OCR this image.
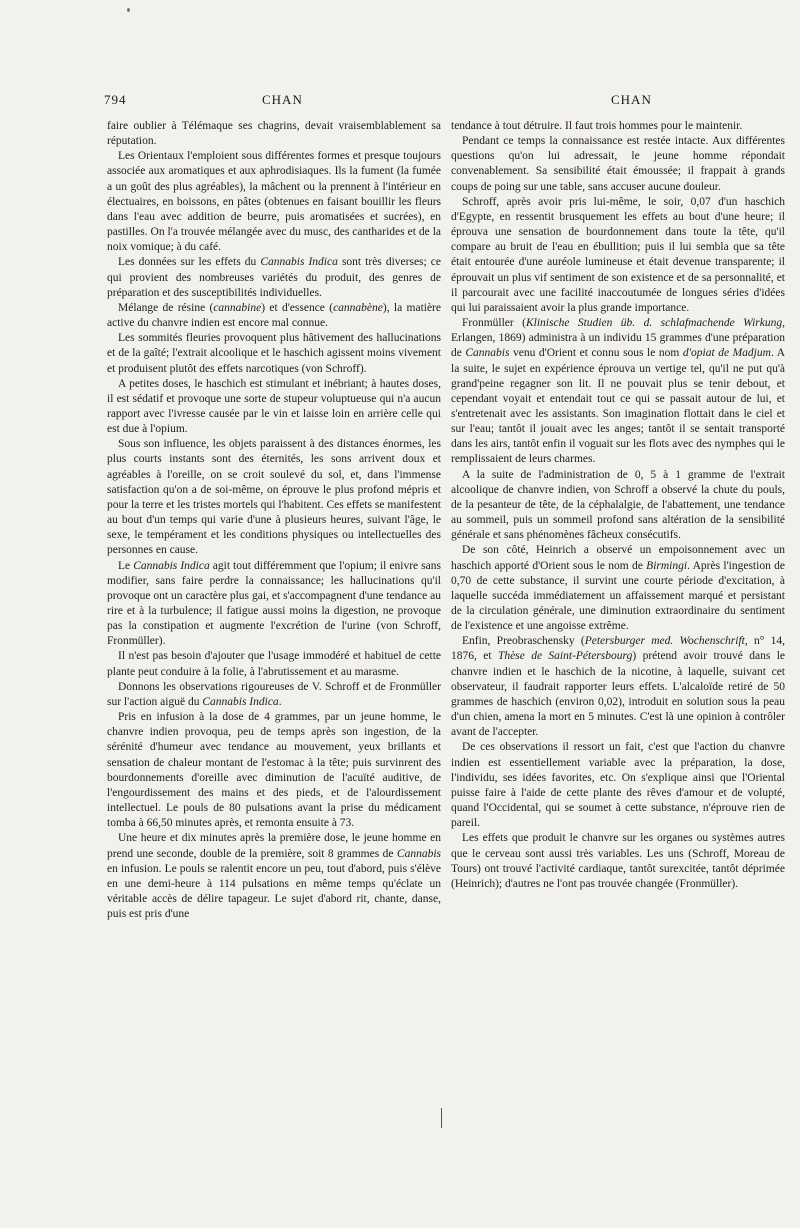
794	CHAN	CHAN

faire oublier à Télémaque ses chagrins, devait vraisemblablement sa réputation.

Les Orientaux l'emploient sous différentes formes et presque toujours associée aux aromatiques et aux aphrodisiaques. Ils la fument (la fumée a un goût des plus agréables), la mâchent ou la prennent à l'intérieur en électuaires, en boissons, en pâtes (obtenues en faisant bouillir les fleurs dans l'eau avec addition de beurre, puis aromatisées et sucrées), en pastilles. On l'a trouvée mélangée avec du musc, des cantharides et de la noix vomique; à du café.

Les données sur les effets du Cannabis Indica sont très diverses; ce qui provient des nombreuses variétés du produit, des genres de préparation et des susceptibilités individuelles.

Mélange de résine (cannabine) et d'essence (cannabène), la matière active du chanvre indien est encore mal connue.

Les sommités fleuries provoquent plus hâtivement des hallucinations et de la gaîté; l'extrait alcoolique et le haschich agissent moins vivement et produisent plutôt des effets narcotiques (von Schroff).

A petites doses, le haschich est stimulant et inébriant; à hautes doses, il est sédatif et provoque une sorte de stupeur voluptueuse qui n'a aucun rapport avec l'ivresse causée par le vin et laisse loin en arrière celle qui est due à l'opium.

Sous son influence, les objets paraissent à des distances énormes, les plus courts instants sont des éternités, les sons arrivent doux et agréables à l'oreille, on se croit soulevé du sol, et, dans l'immense satisfaction qu'on a de soi-même, on éprouve le plus profond mépris et pour la terre et les tristes mortels qui l'habitent. Ces effets se manifestent au bout d'un temps qui varie d'une à plusieurs heures, suivant l'âge, le sexe, le tempérament et les conditions physiques ou intellectuelles des personnes en cause.

Le Cannabis Indica agit tout différemment que l'opium; il enivre sans modifier, sans faire perdre la connaissance; les hallucinations qu'il provoque ont un caractère plus gai, et s'accompagnent d'une tendance au rire et à la turbulence; il fatigue aussi moins la digestion, ne provoque pas la constipation et augmente l'excrétion de l'urine (von Schroff, Fronmüller).

Il n'est pas besoin d'ajouter que l'usage immodéré et habituel de cette plante peut conduire à la folie, à l'abrutissement et au marasme.

Donnons les observations rigoureuses de V. Schroff et de Fronmüller sur l'action aiguë du Cannabis Indica.

Pris en infusion à la dose de 4 grammes, par un jeune homme, le chanvre indien provoqua, peu de temps après son ingestion, de la sérénité d'humeur avec tendance au mouvement, yeux brillants et sensation de chaleur montant de l'estomac à la tête; puis survinrent des bourdonnements d'oreille avec diminution de l'acuïté auditive, de l'engourdissement des mains et des pieds, et de l'alourdissement intellectuel. Le pouls de 80 pulsations avant la prise du médicament tomba à 66,50 minutes après, et remonta ensuite à 73.

Une heure et dix minutes après la première dose, le jeune homme en prend une seconde, double de la première, soit 8 grammes de Cannabis en infusion. Le pouls se ralentit encore un peu, tout d'abord, puis s'élève en une demi-heure à 114 pulsations en même temps qu'éclate un véritable accès de délire tapageur. Le sujet d'abord rit, chante, danse, puis est pris d'une

tendance à tout détruire. Il faut trois hommes pour le maintenir.

Pendant ce temps la connaissance est restée intacte. Aux différentes questions qu'on lui adressait, le jeune homme répondait convenablement. Sa sensibilité était émoussée; il frappait à grands coups de poing sur une table, sans accuser aucune douleur.

Schroff, après avoir pris lui-même, le soir, 0,07 d'un haschich d'Egypte, en ressentit brusquement les effets au bout d'une heure; il éprouva une sensation de bourdonnement dans toute la tête, qu'il compare au bruit de l'eau en ébullition; puis il lui sembla que sa tête était entourée d'une auréole lumineuse et était devenue transparente; il éprouvait un plus vif sentiment de son existence et de sa personnalité, et il parcourait avec une facilité inaccoutumée de longues séries d'idées qui lui paraissaient avoir la plus grande importance.

Fronmüller (Klinische Studien üb. d. schlafmachende Wirkung, Erlangen, 1869) administra à un individu 15 grammes d'une préparation de Cannabis venu d'Orient et connu sous le nom d'opiat de Madjum. A la suite, le sujet en expérience éprouva un vertige tel, qu'il ne put qu'à grand'peine regagner son lit. Il ne pouvait plus se tenir debout, et cependant voyait et entendait tout ce qui se passait autour de lui, et s'entretenait avec les assistants. Son imagination flottait dans le ciel et sur l'eau; tantôt il jouait avec les anges; tantôt il se sentait transporté dans les airs, tantôt enfin il voguait sur les flots avec des nymphes qui le remplissaient de leurs charmes.

A la suite de l'administration de 0, 5 à 1 gramme de l'extrait alcoolique de chanvre indien, von Schroff a observé la chute du pouls, de la pesanteur de tête, de la céphalalgie, de l'abattement, une tendance au sommeil, puis un sommeil profond sans altération de la sensibilité générale et sans phénomènes fâcheux consécutifs.

De son côté, Heinrich a observé un empoisonnement avec un haschich apporté d'Orient sous le nom de Birmingi. Après l'ingestion de 0,70 de cette substance, il survint une courte période d'excitation, à laquelle succéda immédiatement un affaissement marqué et persistant de la circulation générale, une diminution extraordinaire du sentiment de l'existence et une angoisse extrême.

Enfin, Preobraschensky (Petersburger med. Wochenschrift, n° 14, 1876, et Thèse de Saint-Pétersbourg) prétend avoir trouvé dans le chanvre indien et le haschich de la nicotine, à laquelle, suivant cet observateur, il faudrait rapporter leurs effets. L'alcaloïde retiré de 50 grammes de haschich (environ 0,02), introduit en solution sous la peau d'un chien, amena la mort en 5 minutes. C'est là une opinion à contrôler avant de l'accepter.

De ces observations il ressort un fait, c'est que l'action du chanvre indien est essentiellement variable avec la préparation, la dose, l'individu, ses idées favorites, etc. On s'explique ainsi que l'Oriental puisse faire à l'aide de cette plante des rêves d'amour et de volupté, quand l'Occidental, qui se soumet à cette substance, n'éprouve rien de pareil.

Les effets que produit le chanvre sur les organes ou systèmes autres que le cerveau sont aussi très variables. Les uns (Schroff, Moreau de Tours) ont trouvé l'activité cardiaque, tantôt surexcitée, tantôt déprimée (Heinrich); d'autres ne l'ont pas trouvée changée (Fronmüller).
